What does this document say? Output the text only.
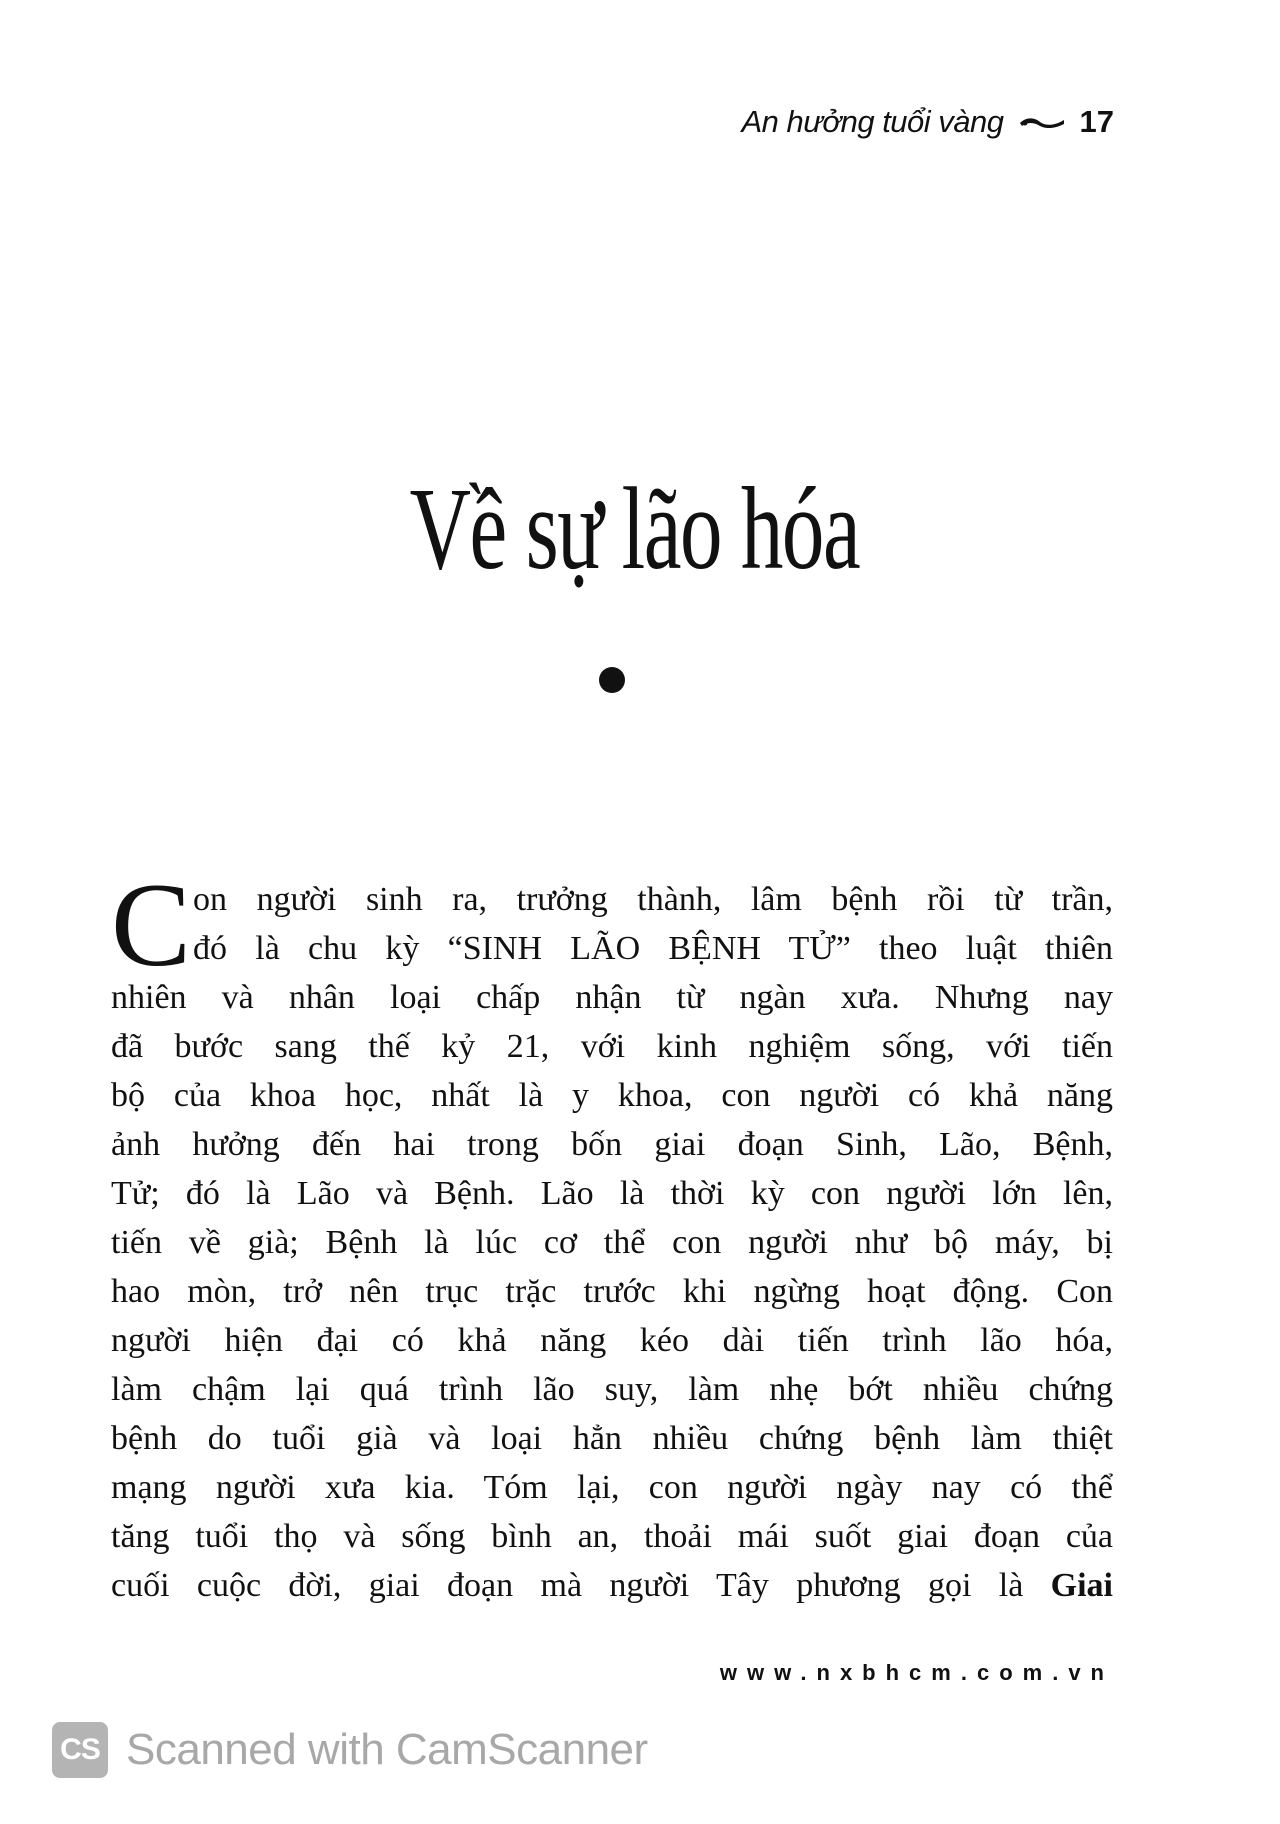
An hưởng tuổi vàng 17
Về sự lão hóa
C on người sinh ra, trưởng thành, lâm bệnh rồi từ trần,
đó là chu kỳ “SINH LÃO BỆNH TỬ” theo luật thiên
nhiên và nhân loại chấp nhận từ ngàn xưa. Nhưng nay
đã bước sang thế kỷ 21, với kinh nghiệm sống, với tiến
bộ của khoa học, nhất là y khoa, con người có khả năng
ảnh hưởng đến hai trong bốn giai đoạn Sinh, Lão, Bệnh,
Tử; đó là Lão và Bệnh. Lão là thời kỳ con người lớn lên,
tiến về già; Bệnh là lúc cơ thể con người như bộ máy, bị
hao mòn, trở nên trục trặc trước khi ngừng hoạt động. Con
người hiện đại có khả năng kéo dài tiến trình lão hóa,
làm chậm lại quá trình lão suy, làm nhẹ bớt nhiều chứng
bệnh do tuổi già và loại hẳn nhiều chứng bệnh làm thiệt
mạng người xưa kia. Tóm lại, con người ngày nay có thể
tăng tuổi thọ và sống bình an, thoải mái suốt giai đoạn của
cuối cuộc đời, giai đoạn mà người Tây phương gọi là Giai
www.nxbhcm.com.vn
CS Scanned with CamScanner
